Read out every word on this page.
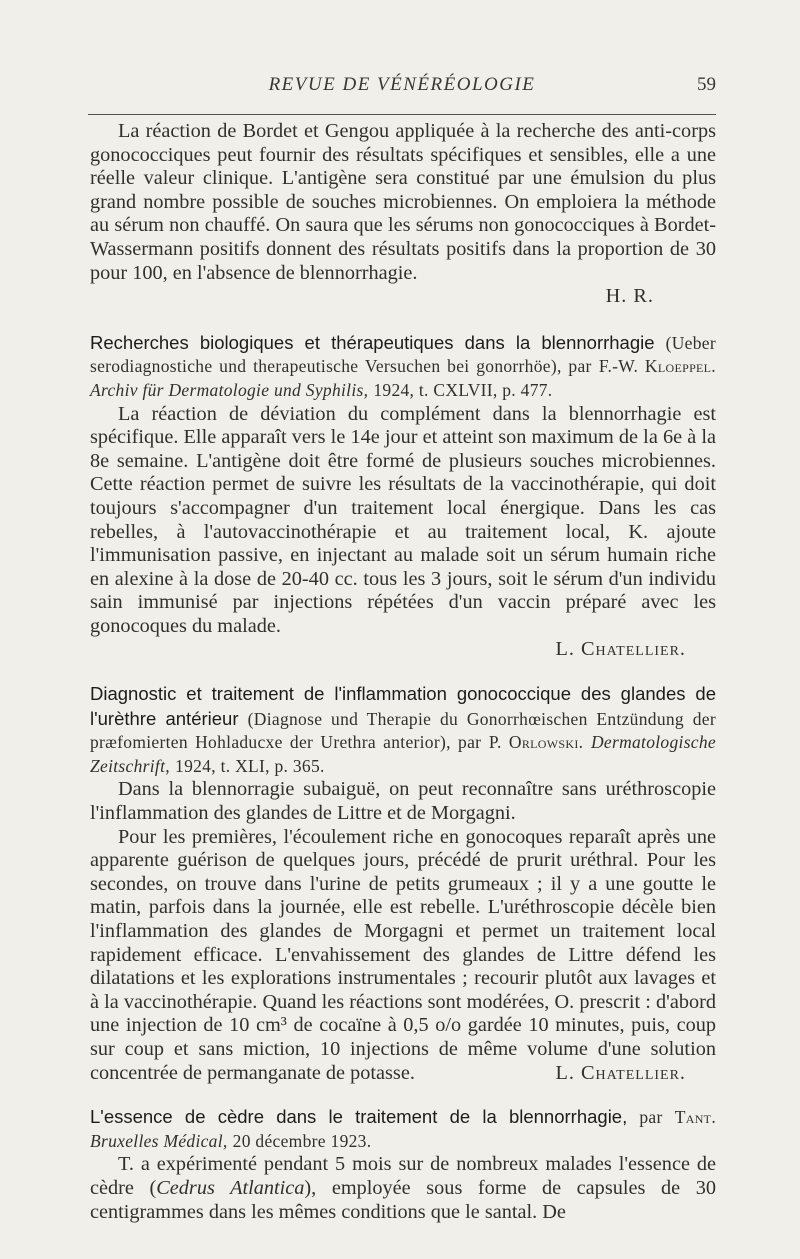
REVUE DE VÉNÉRÉOLOGIE	59

La réaction de Bordet et Gengou appliquée à la recherche des anti-corps gonococciques peut fournir des résultats spécifiques et sensibles, elle a une réelle valeur clinique. L'antigène sera constitué par une émulsion du plus grand nombre possible de souches microbiennes. On emploiera la méthode au sérum non chauffé. On saura que les sérums non gonococciques à Bordet-Wassermann positifs donnent des résultats positifs dans la proportion de 30 pour 100, en l'absence de blennorrhagie.

H. R.

Recherches biologiques et thérapeutiques dans la blennorrhagie (Ueber serodiagnostiche und therapeutische Versuchen bei gonorrhöe), par F.-W. Kloeppel. Archiv für Dermatologie und Syphilis, 1924, t. CXLVII, p. 477.

La réaction de déviation du complément dans la blennorrhagie est spécifique. Elle apparaît vers le 14e jour et atteint son maximum de la 6e à la 8e semaine. L'antigène doit être formé de plusieurs souches microbiennes. Cette réaction permet de suivre les résultats de la vaccinothérapie, qui doit toujours s'accompagner d'un traitement local énergique. Dans les cas rebelles, à l'autovaccinothérapie et au traitement local, K. ajoute l'immunisation passive, en injectant au malade soit un sérum humain riche en alexine à la dose de 20-40 cc. tous les 3 jours, soit le sérum d'un individu sain immunisé par injections répétées d'un vaccin préparé avec les gonocoques du malade.

L. Chatellier.

Diagnostic et traitement de l'inflammation gonococcique des glandes de l'urèthre antérieur (Diagnose und Therapie du Gonorrhœischen Entzündung der præfomierten Hohladucxe der Urethra anterior), par P. Orlowski. Dermatologische Zeitschrift, 1924, t. XLI, p. 365.

Dans la blennorragie subaiguë, on peut reconnaître sans uréthroscopie l'inflammation des glandes de Littre et de Morgagni.

Pour les premières, l'écoulement riche en gonocoques reparaît après une apparente guérison de quelques jours, précédé de prurit uréthral. Pour les secondes, on trouve dans l'urine de petits grumeaux ; il y a une goutte le matin, parfois dans la journée, elle est rebelle. L'uréthroscopie décèle bien l'inflammation des glandes de Morgagni et permet un traitement local rapidement efficace. L'envahissement des glandes de Littre défend les dilatations et les explorations instrumentales ; recourir plutôt aux lavages et à la vaccinothérapie. Quand les réactions sont modérées, O. prescrit : d'abord une injection de 10 cm³ de cocaïne à 0,5 o/o gardée 10 minutes, puis, coup sur coup et sans miction, 10 injections de même volume d'une solution concentrée de permanganate de potasse.	L. Chatellier.

L'essence de cèdre dans le traitement de la blennorrhagie, par Tant. Bruxelles Médical, 20 décembre 1923.

T. a expérimenté pendant 5 mois sur de nombreux malades l'essence de cèdre (Cedrus Atlantica), employée sous forme de capsules de 30 centigrammes dans les mêmes conditions que le santal. De
